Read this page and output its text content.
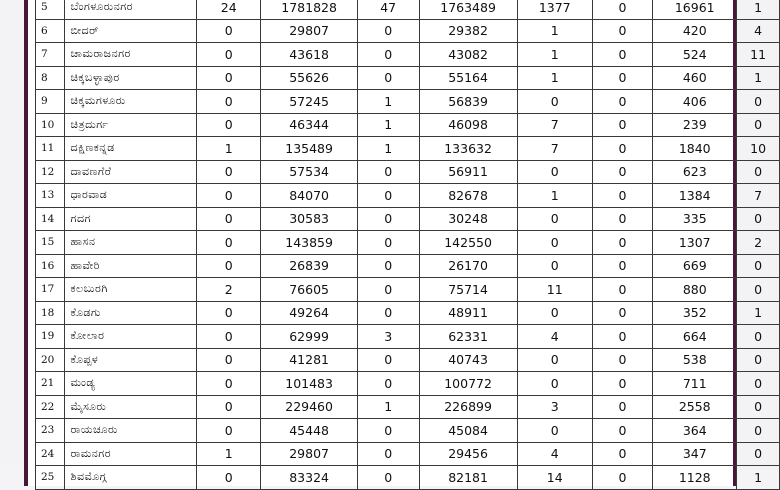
5	ಬೆಂಗಳೂರುನಗರ	24	1781828	47	1763489	1377	0	16961	1
6	ಬೀದರ್	0	29807	0	29382	1	0	420	4
7	ಚಾಮರಾಜನಗರ	0	43618	0	43082	1	0	524	11
8	ಚಿಕ್ಕಬಳ್ಳಾಪುರ	0	55626	0	55164	1	0	460	1
9	ಚಿಕ್ಕಮಗಳೂರು	0	57245	1	56839	0	0	406	0
10	ಚಿತ್ರದುರ್ಗ	0	46344	1	46098	7	0	239	0
11	ದಕ್ಷಿಣಕನ್ನಡ	1	135489	1	133632	7	0	1840	10
12	ದಾವಣಗೆರೆ	0	57534	0	56911	0	0	623	0
13	ಧಾರವಾಡ	0	84070	0	82678	1	0	1384	7
14	ಗದಗ	0	30583	0	30248	0	0	335	0
15	ಹಾಸನ	0	143859	0	142550	0	0	1307	2
16	ಹಾವೇರಿ	0	26839	0	26170	0	0	669	0
17	ಕಲಬುರಗಿ	2	76605	0	75714	11	0	880	0
18	ಕೊಡಗು	0	49264	0	48911	0	0	352	1
19	ಕೋಲಾರ	0	62999	3	62331	4	0	664	0
20	ಕೊಪ್ಪಳ	0	41281	0	40743	0	0	538	0
21	ಮಂಡ್ಯ	0	101483	0	100772	0	0	711	0
22	ಮೈಸೂರು	0	229460	1	226899	3	0	2558	0
23	ರಾಯಚೂರು	0	45448	0	45084	0	0	364	0
24	ರಾಮನಗರ	1	29807	0	29456	4	0	347	0
25	ಶಿವಮೊಗ್ಗ	0	83324	0	82181	14	0	1128	1
